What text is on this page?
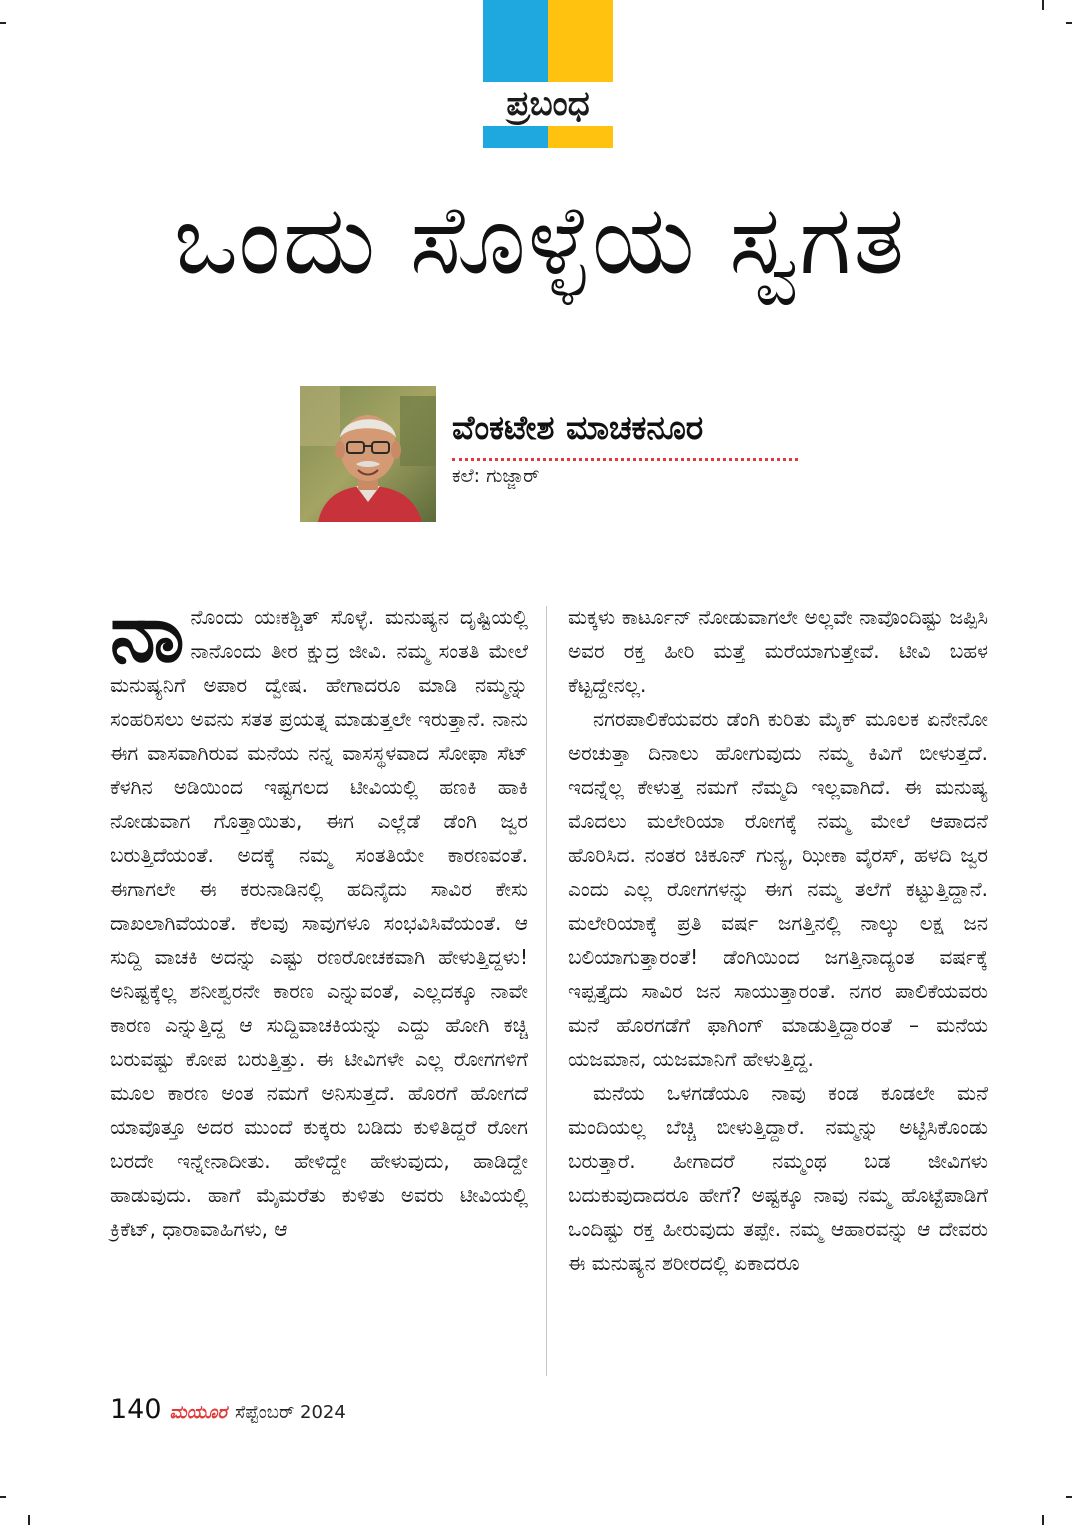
ಪ್ರಬಂಧ
ಒಂದು ಸೊಳ್ಳೆಯ ಸ್ವಗತ
ವೆಂಕಟೇಶ ಮಾಚಕನೂರ
ಕಲೆ: ಗುಜ್ಜಾರ್

ನಾನೊಂದು ಯಃಕಶ್ಚಿತ್ ಸೊಳ್ಳೆ. ಮನುಷ್ಯನ ದೃಷ್ಟಿಯಲ್ಲಿ ನಾನೊಂದು ತೀರ ಕ್ಷುದ್ರ ಜೀವಿ. ನಮ್ಮ ಸಂತತಿ ಮೇಲೆ ಮನುಷ್ಯನಿಗೆ ಅಪಾರ ದ್ವೇಷ. ಹೇಗಾದರೂ ಮಾಡಿ ನಮ್ಮನ್ನು ಸಂಹರಿಸಲು ಅವನು ಸತತ ಪ್ರಯತ್ನ ಮಾಡುತ್ತಲೇ ಇರುತ್ತಾನೆ. ನಾನು ಈಗ ವಾಸವಾಗಿರುವ ಮನೆಯ ನನ್ನ ವಾಸಸ್ಥಳವಾದ ಸೋಫಾ ಸೆಟ್ ಕೆಳಗಿನ ಅಡಿಯಿಂದ ಇಷ್ಟಗಲದ ಟೀವಿಯಲ್ಲಿ ಹಣಕಿ ಹಾಕಿ ನೋಡುವಾಗ ಗೊತ್ತಾಯಿತು, ಈಗ ಎಲ್ಲೆಡೆ ಡೆಂಗಿ ಜ್ವರ ಬರುತ್ತಿದೆಯಂತೆ. ಅದಕ್ಕೆ ನಮ್ಮ ಸಂತತಿಯೇ ಕಾರಣವಂತೆ. ಈಗಾಗಲೇ ಈ ಕರುನಾಡಿನಲ್ಲಿ ಹದಿನೈದು ಸಾವಿರ ಕೇಸು ದಾಖಲಾಗಿವೆಯಂತೆ. ಕೆಲವು ಸಾವುಗಳೂ ಸಂಭವಿಸಿವೆಯಂತೆ. ಆ ಸುದ್ದಿ ವಾಚಕಿ ಅದನ್ನು ಎಷ್ಟು ರಣರೋಚಕವಾಗಿ ಹೇಳುತ್ತಿದ್ದಳು! ಅನಿಷ್ಟಕ್ಕೆಲ್ಲ ಶನೀಶ್ವರನೇ ಕಾರಣ ಎನ್ನುವಂತೆ, ಎಲ್ಲದಕ್ಕೂ ನಾವೇ ಕಾರಣ ಎನ್ನುತ್ತಿದ್ದ ಆ ಸುದ್ದಿವಾಚಕಿಯನ್ನು ಎದ್ದು ಹೋಗಿ ಕಚ್ಚಿ ಬರುವಷ್ಟು ಕೋಪ ಬರುತ್ತಿತ್ತು. ಈ ಟೀವಿಗಳೇ ಎಲ್ಲ ರೋಗಗಳಿಗೆ ಮೂಲ ಕಾರಣ ಅಂತ ನಮಗೆ ಅನಿಸುತ್ತದೆ. ಹೊರಗೆ ಹೋಗದೆ ಯಾವೊತ್ತೂ ಅದರ ಮುಂದೆ ಕುಕ್ಕರು ಬಡಿದು ಕುಳಿತಿದ್ದರೆ ರೋಗ ಬರದೇ ಇನ್ನೇನಾದೀತು. ಹೇಳಿದ್ದೇ ಹೇಳುವುದು, ಹಾಡಿದ್ದೇ ಹಾಡುವುದು. ಹಾಗೆ ಮೈಮರೆತು ಕುಳಿತು ಅವರು ಟೀವಿಯಲ್ಲಿ ಕ್ರಿಕೆಟ್, ಧಾರಾವಾಹಿಗಳು, ಆ

ಮಕ್ಕಳು ಕಾರ್ಟೂನ್ ನೋಡುವಾಗಲೇ ಅಲ್ಲವೇ ನಾವೊಂದಿಷ್ಟು ಜಪ್ಪಿಸಿ ಅವರ ರಕ್ತ ಹೀರಿ ಮತ್ತೆ ಮರೆಯಾಗುತ್ತೇವೆ. ಟೀವಿ ಬಹಳ ಕೆಟ್ಟದ್ದೇನಲ್ಲ.

ನಗರಪಾಲಿಕೆಯವರು ಡೆಂಗಿ ಕುರಿತು ಮೈಕ್ ಮೂಲಕ ಏನೇನೋ ಅರಚುತ್ತಾ ದಿನಾಲು ಹೋಗುವುದು ನಮ್ಮ ಕಿವಿಗೆ ಬೀಳುತ್ತದೆ. ಇದನ್ನೆಲ್ಲ ಕೇಳುತ್ತ ನಮಗೆ ನೆಮ್ಮದಿ ಇಲ್ಲವಾಗಿದೆ. ಈ ಮನುಷ್ಯ ಮೊದಲು ಮಲೇರಿಯಾ ರೋಗಕ್ಕೆ ನಮ್ಮ ಮೇಲೆ ಆಪಾದನೆ ಹೊರಿಸಿದ. ನಂತರ ಚಿಕೂನ್ ಗುನ್ಯ, ಝೀಕಾ ವೈರಸ್, ಹಳದಿ ಜ್ವರ ಎಂದು ಎಲ್ಲ ರೋಗಗಳನ್ನು ಈಗ ನಮ್ಮ ತಲೆಗೆ ಕಟ್ಟುತ್ತಿದ್ದಾನೆ. ಮಲೇರಿಯಾಕ್ಕೆ ಪ್ರತಿ ವರ್ಷ ಜಗತ್ತಿನಲ್ಲಿ ನಾಲ್ಕು ಲಕ್ಷ ಜನ ಬಲಿಯಾಗುತ್ತಾರಂತೆ! ಡೆಂಗಿಯಿಂದ ಜಗತ್ತಿನಾದ್ಯಂತ ವರ್ಷಕ್ಕೆ ಇಪ್ಪತ್ತೈದು ಸಾವಿರ ಜನ ಸಾಯುತ್ತಾರಂತೆ. ನಗರ ಪಾಲಿಕೆಯವರು ಮನೆ ಹೊರಗಡೆಗೆ ಫಾಗಿಂಗ್ ಮಾಡುತ್ತಿದ್ದಾರಂತೆ – ಮನೆಯ ಯಜಮಾನ, ಯಜಮಾನಿಗೆ ಹೇಳುತ್ತಿದ್ದ.

ಮನೆಯ ಒಳಗಡೆಯೂ ನಾವು ಕಂಡ ಕೂಡಲೇ ಮನೆ ಮಂದಿಯಲ್ಲ ಬೆಚ್ಚಿ ಬೀಳುತ್ತಿದ್ದಾರೆ. ನಮ್ಮನ್ನು ಅಟ್ಟಿಸಿಕೊಂಡು ಬರುತ್ತಾರೆ. ಹೀಗಾದರೆ ನಮ್ಮಂಥ ಬಡ ಜೀವಿಗಳು ಬದುಕುವುದಾದರೂ ಹೇಗೆ? ಅಷ್ಟಕ್ಕೂ ನಾವು ನಮ್ಮ ಹೊಟ್ಟೆಪಾಡಿಗೆ ಒಂದಿಷ್ಟು ರಕ್ತ ಹೀರುವುದು ತಪ್ಪೇ. ನಮ್ಮ ಆಹಾರವನ್ನು ಆ ದೇವರು ಈ ಮನುಷ್ಯನ ಶರೀರದಲ್ಲಿ ಏಕಾದರೂ

140 ಮಯೂರ ಸೆಪ್ಟೆಂಬರ್ 2024
